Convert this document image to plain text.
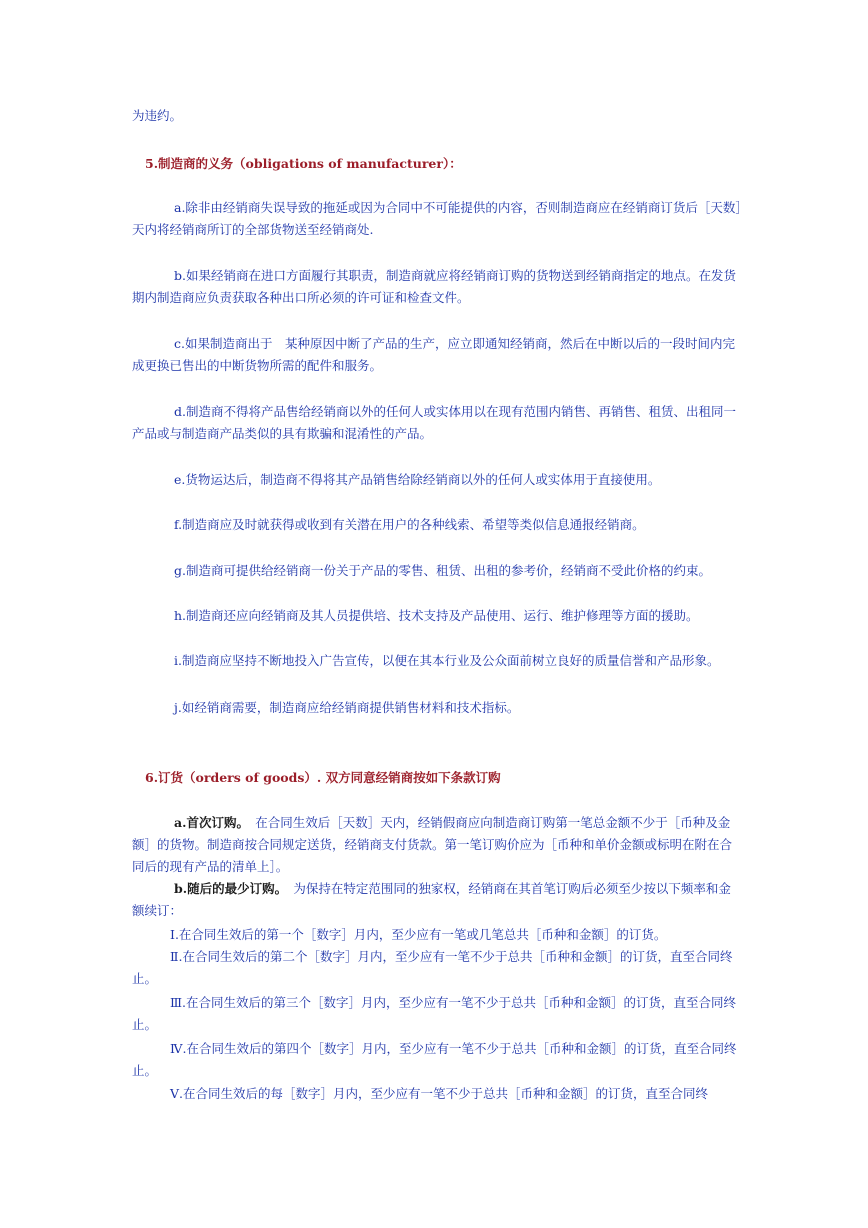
为违约。
5.制造商的义务（obligations of manufacturer）：
a.除非由经销商失误导致的拖延或因为合同中不可能提供的内容，否则制造商应在经销商订货后［天数］天内将经销商所订的全部货物送至经销商处.
b.如果经销商在进口方面履行其职责，制造商就应将经销商订购的货物送到经销商指定的地点。在发货期内制造商应负责获取各种出口所必须的许可证和检查文件。
c.如果制造商出于　某种原因中断了产品的生产，应立即通知经销商，然后在中断以后的一段时间内完成更换已售出的中断货物所需的配件和服务。
d.制造商不得将产品售给经销商以外的任何人或实体用以在现有范围内销售、再销售、租赁、出租同一产品或与制造商产品类似的具有欺骗和混淆性的产品。
e.货物运达后，制造商不得将其产品销售给除经销商以外的任何人或实体用于直接使用。
f.制造商应及时就获得或收到有关潜在用户的各种线索、希望等类似信息通报经销商。
g.制造商可提供给经销商一份关于产品的零售、租赁、出租的参考价，经销商不受此价格的约束。
h.制造商还应向经销商及其人员提供培、技术支持及产品使用、运行、维护修理等方面的援助。
i.制造商应坚持不断地投入广告宣传，以便在其本行业及公众面前树立良好的质量信誉和产品形象。
j.如经销商需要，制造商应给经销商提供销售材料和技术指标。
6.订货（orders of goods）. 双方同意经销商按如下条款订购
a.首次订购。　在合同生效后［天数］天内，经销假商应向制造商订购第一笔总金额不少于［币种及金额］的货物。制造商按合同规定送货，经销商支付货款。第一笔订购价应为［币种和单价金额或标明在附在合同后的现有产品的清单上］。
b.随后的最少订购。　为保持在特定范围同的独家权，经销商在其首笔订购后必须至少按以下频率和金额续订：
Ⅰ.在合同生效后的第一个［数字］月内，至少应有一笔或几笔总共［币种和金额］的订货。
Ⅱ.在合同生效后的第二个［数字］月内，至少应有一笔不少于总共［币种和金额］的订货，直至合同终止。
Ⅲ.在合同生效后的第三个［数字］月内，至少应有一笔不少于总共［币种和金额］的订货，直至合同终止。
Ⅳ.在合同生效后的第四个［数字］月内，至少应有一笔不少于总共［币种和金额］的订货，直至合同终止。
Ⅴ.在合同生效后的每［数字］月内，至少应有一笔不少于总共［币种和金额］的订货，直至合同终
